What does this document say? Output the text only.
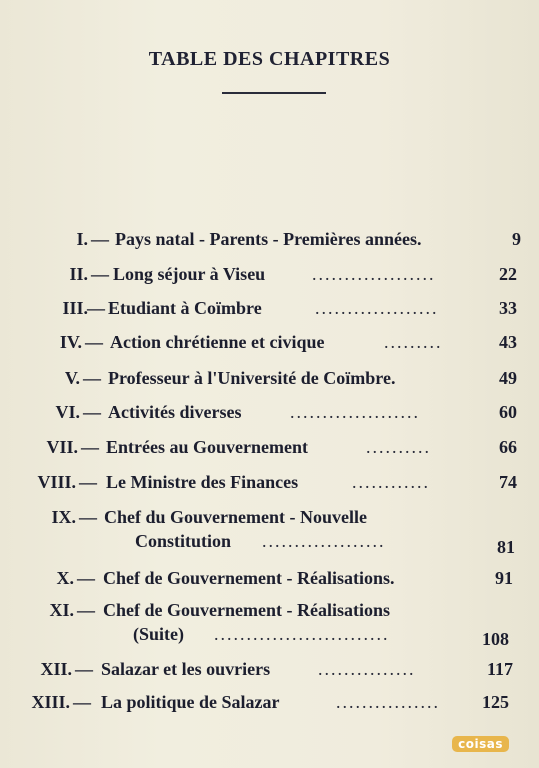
TABLE DES CHAPITRES
I. — Pays natal - Parents - Premières années.	9
II. — Long séjour à Viseu	...................	22
III. — Etudiant à Coïmbre	...................	33
IV. — Action chrétienne et civique	.........	43
V. — Professeur à l'Université de Coïmbre.	49
VI. — Activités diverses	....................	60
VII. — Entrées au Gouvernement	..........	66
VIII. — Le Ministre des Finances	............	74
IX. — Chef du Gouvernement - Nouvelle
Constitution ...................	81
X. — Chef de Gouvernement - Réalisations.	91
XI. — Chef de Gouvernement - Réalisations
(Suite) ...........................	108
XII. — Salazar et les ouvriers	...............	117
XIII. — La politique de Salazar	................	125
coisas
